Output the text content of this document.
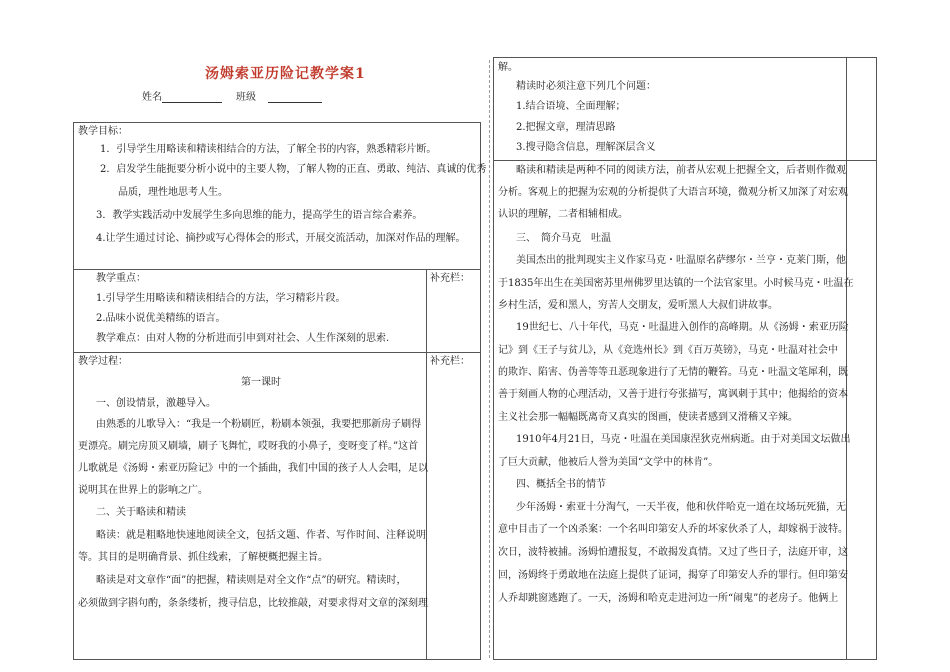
汤姆索亚历险记教学案1
姓名	班级
教学目标：
1．引导学生用略读和精读相结合的方法，了解全书的内容，熟悉精彩片断。
2．启发学生能扼要分析小说中的主要人物，了解人物的正直、勇敢、纯洁、真诚的优秀
品质，理性地思考人生。
3．教学实践活动中发展学生多向思维的能力，提高学生的语言综合素养。
4.让学生通过讨论、摘抄或写心得体会的形式，开展交流活动，加深对作品的理解。
教学重点：	补充栏：
1.引导学生用略读和精读相结合的方法，学习精彩片段。
2.品味小说优美精练的语言。
教学难点：由对人物的分析进而引申到对社会、人生作深刻的思索.
教学过程：	补充栏：
第一课时
一、创设情景，激趣导入。
由熟悉的儿歌导入：“我是一个粉刷匠，粉刷本领强，我要把那新房子刷得
更漂亮。刷完房顶又刷墙，刷子飞舞忙，哎呀我的小鼻子，变呀变了样。”这首
儿歌就是《汤姆・索亚历险记》中的一个插曲，我们中国的孩子人人会唱，足以
说明其在世界上的影响之广。
二、关于略读和精读
略读：就是粗略地快速地阅读全文，包括文题、作者、写作时间、注释说明
等。其目的是明确背景、抓住线索，了解梗概把握主旨。
略读是对文章作“面”的把握，精读则是对全文作“点”的研究。精读时，
必须做到字斟句酌，条条缕析，搜寻信息，比较推敲，对要求得对文章的深刻理
解。
精读时必须注意下列几个问题：
1.结合语境、全面理解；
2.把握文章，理清思路
3.搜寻隐含信息，理解深层含义
略读和精读是两种不同的阅读方法，前者从宏观上把握全文，后者则作微观
分析。客观上的把握为宏观的分析提供了大语言环境，微观分析又加深了对宏观
认识的理解，二者相辅相成。
三、　简介马克　吐温
美国杰出的批判现实主义作家马克・吐温原名萨缪尔・兰亨・克莱门斯，他
于1835年出生在美国密苏里州佛罗里达镇的一个法官家里。小时候马克・吐温在
乡村生活，爱和黑人，穷苦人交朋友，爱听黑人大叔们讲故事。
19世纪七、八十年代，马克・吐温进入创作的高峰期。从《汤姆・索亚历险
记》到《王子与贫儿》，从《竞选州长》到《百万英镑》，马克・吐温对社会中
的欺诈、陷害、伪善等等丑恶现象进行了无情的鞭笞。马克・吐温文笔犀利，既
善于刻画人物的心理活动，又善于进行夸张描写，寓讽刺于其中；他揭给的资本
主义社会那一幅幅既离奇又真实的图画，使读者感到又滑稽又辛辣。
1910年4月21日，马克・吐温在美国康涅狄克州病逝。由于对美国文坛做出
了巨大贡献，他被后人誉为美国“文学中的林肯”。
四、概括全书的情节
少年汤姆・索亚十分淘气，一天半夜，他和伙伴哈克一道在坟场玩死猫，无
意中目击了一个凶杀案：一个名叫印第安人乔的坏家伙杀了人，却嫁祸于波特。
次日，波特被捕。汤姆怕遭报复，不敢揭发真情。又过了些日子，法庭开审，这
回，汤姆终于勇敢地在法庭上提供了证词，揭穿了印第安人乔的罪行。但印第安
人乔却跳窗逃跑了。一天，汤姆和哈克走进河边一所“闹鬼”的老房子。他俩上
